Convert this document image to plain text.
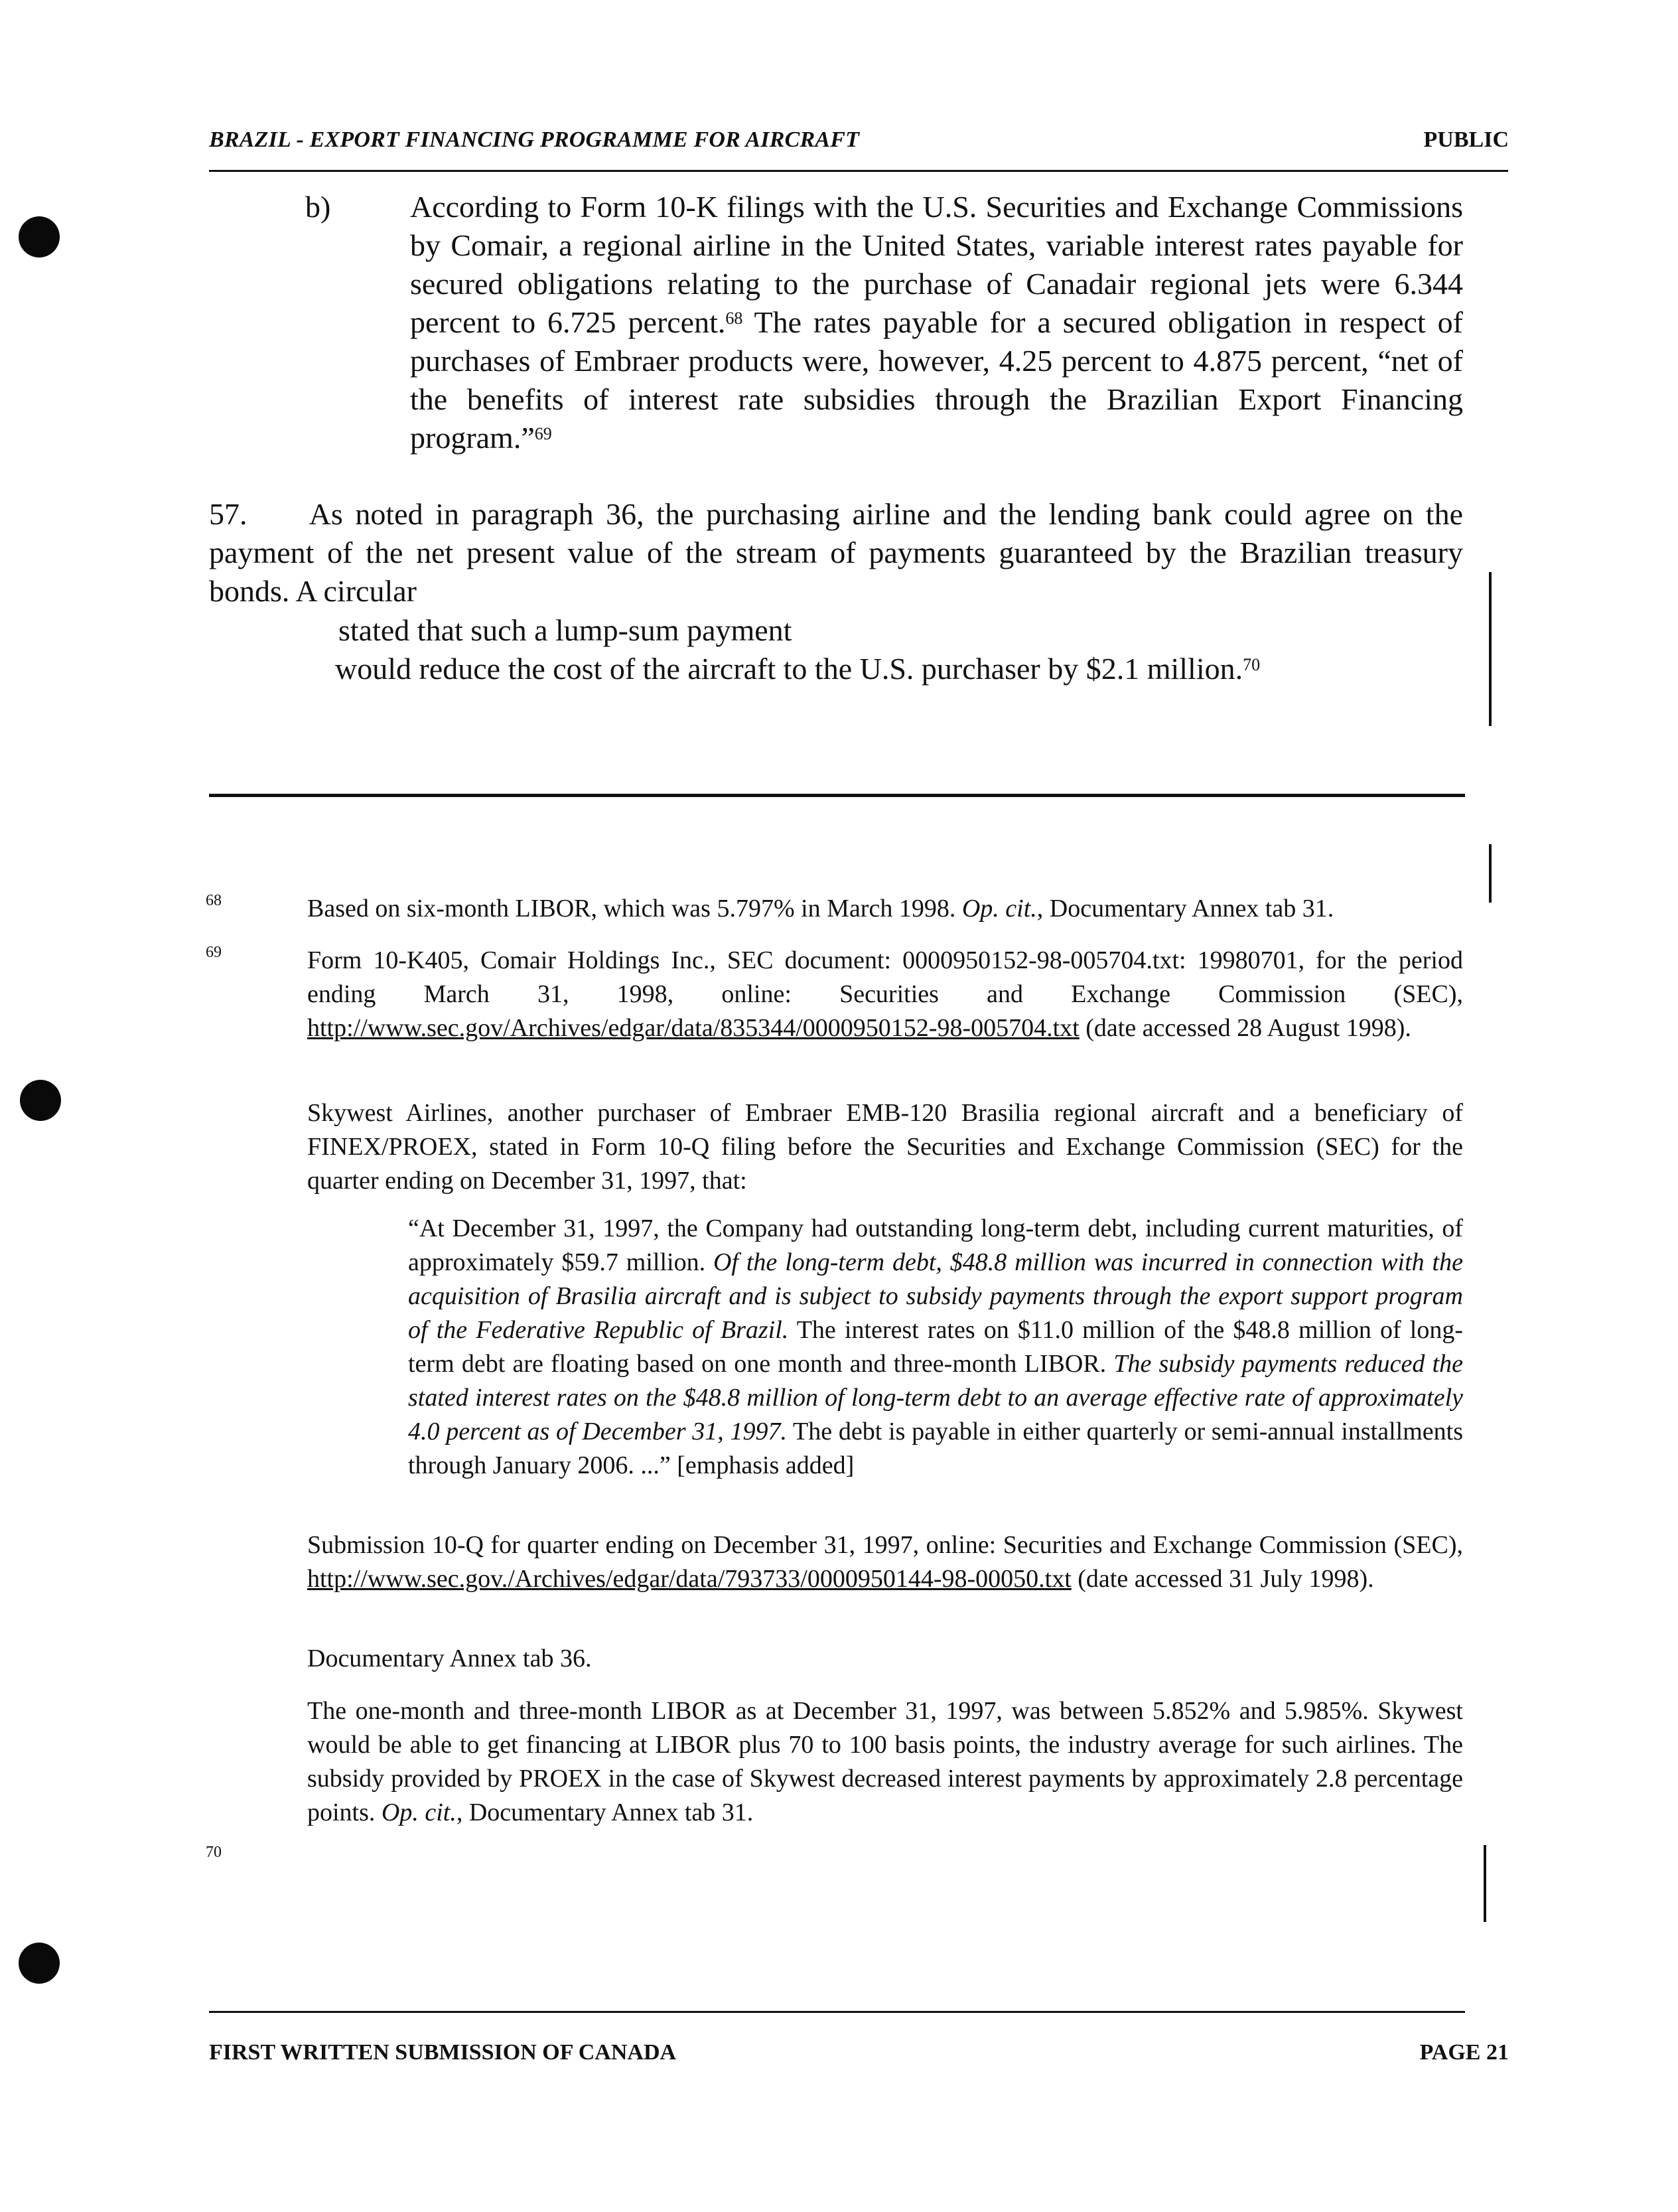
BRAZIL - EXPORT FINANCING PROGRAMME FOR AIRCRAFT	PUBLIC
b)	According to Form 10-K filings with the U.S. Securities and Exchange Commissions by Comair, a regional airline in the United States, variable interest rates payable for secured obligations relating to the purchase of Canadair regional jets were 6.344 percent to 6.725 percent.$^{68}$ The rates payable for a secured obligation in respect of purchases of Embraer products were, however, 4.25 percent to 4.875 percent, “net of the benefits of interest rate subsidies through the Brazilian Export Financing program.”$^{69}$
57.     As noted in paragraph 36, the purchasing airline and the lending bank could agree on the payment of the net present value of the stream of payments guaranteed by the Brazilian treasury bonds. A circular
stated that such a lump-sum payment
would reduce the cost of the aircraft to the U.S. purchaser by $2.1 million.$^{70}$
68	Based on six-month LIBOR, which was 5.797% in March 1998. Op. cit., Documentary Annex tab 31.
69	Form 10-K405, Comair Holdings Inc., SEC document: 0000950152-98-005704.txt: 19980701, for the period ending March 31, 1998, online: Securities and Exchange Commission (SEC), http://www.sec.gov/Archives/edgar/data/835344/0000950152-98-005704.txt (date accessed 28 August 1998).
Skywest Airlines, another purchaser of Embraer EMB-120 Brasilia regional aircraft and a beneficiary of FINEX/PROEX, stated in Form 10-Q filing before the Securities and Exchange Commission (SEC) for the quarter ending on December 31, 1997, that:
“At December 31, 1997, the Company had outstanding long-term debt, including current maturities, of approximately $59.7 million. Of the long-term debt, $48.8 million was incurred in connection with the acquisition of Brasilia aircraft and is subject to subsidy payments through the export support program of the Federative Republic of Brazil. The interest rates on $11.0 million of the $48.8 million of long-term debt are floating based on one month and three-month LIBOR. The subsidy payments reduced the stated interest rates on the $48.8 million of long-term debt to an average effective rate of approximately 4.0 percent as of December 31, 1997. The debt is payable in either quarterly or semi-annual installments through January 2006. ...” [emphasis added]
Submission 10-Q for quarter ending on December 31, 1997, online: Securities and Exchange Commission (SEC), http://www.sec.gov./Archives/edgar/data/793733/0000950144-98-00050.txt (date accessed 31 July 1998).
Documentary Annex tab 36.
The one-month and three-month LIBOR as at December 31, 1997, was between 5.852% and 5.985%. Skywest would be able to get financing at LIBOR plus 70 to 100 basis points, the industry average for such airlines. The subsidy provided by PROEX in the case of Skywest decreased interest payments by approximately 2.8 percentage points. Op. cit., Documentary Annex tab 31.
70
FIRST WRITTEN SUBMISSION OF CANADA	PAGE 21
